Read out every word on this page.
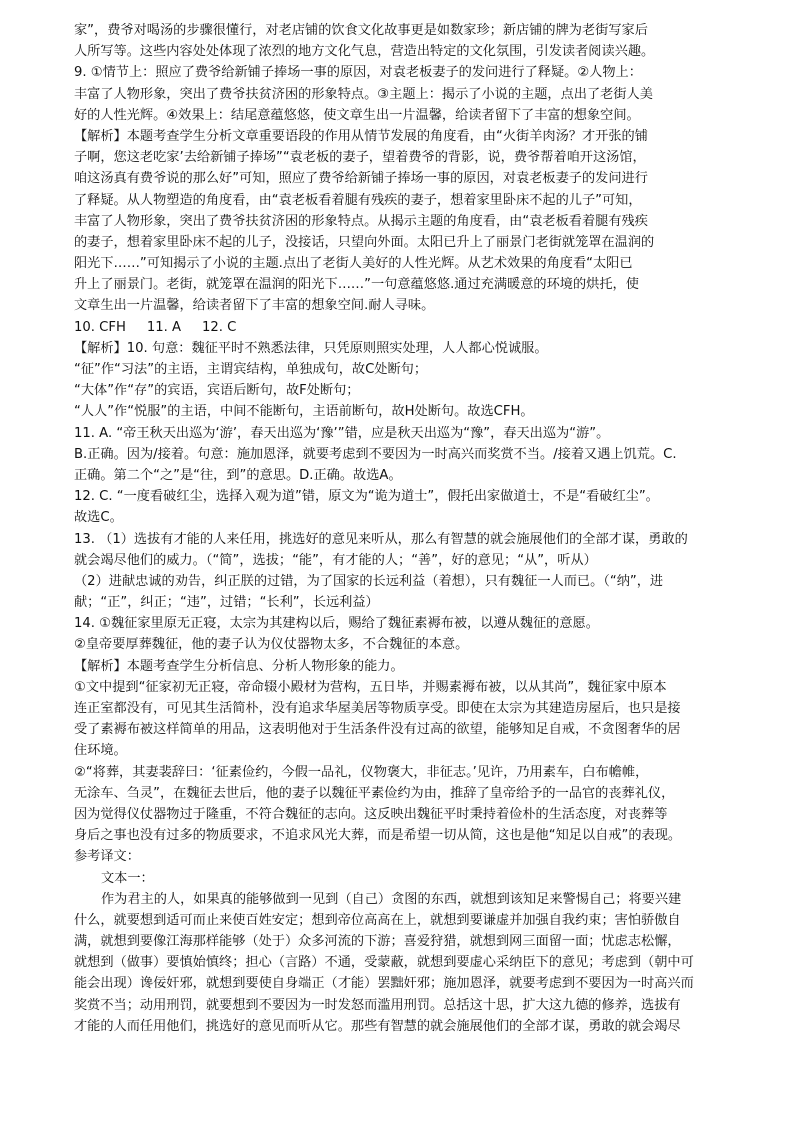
家”，费爷对喝汤的步骤很懂行，对老店铺的饮食文化故事更是如数家珍；新店铺的牌为老街写家后
人所写等。这些内容处处体现了浓烈的地方文化气息，营造出特定的文化氛围，引发读者阅读兴趣。
9. ①情节上：照应了费爷给新铺子捧场一事的原因，对袁老板妻子的发问进行了释疑。②人物上：
丰富了人物形象，突出了费爷扶贫济困的形象特点。③主题上：揭示了小说的主题，点出了老街人美
好的人性光辉。④效果上：结尾意蕴悠悠，使文章生出一片温馨，给读者留下了丰富的想象空间。
【解析】本题考查学生分析文章重要语段的作用从情节发展的角度看，由“火街羊肉汤？才开张的铺
子啊，您这老吃家’去给新铺子捧场”“袁老板的妻子，望着费爷的背影，说，费爷帮着咱开这汤馆，
咱这汤真有费爷说的那么好”可知，照应了费爷给新铺子捧场一事的原因，对袁老板妻子的发问进行
了释疑。从人物塑造的角度看，由“袁老板看着腿有残疾的妻子，想着家里卧床不起的儿子”可知，
丰富了人物形象，突出了费爷扶贫济困的形象特点。从揭示主题的角度看，由“袁老板看着腿有残疾
的妻子，想着家里卧床不起的儿子，没接话，只望向外面。太阳已升上了丽景门老街就笼罩在温润的
阳光下……”可知揭示了小说的主题.点出了老街人美好的人性光辉。从艺术效果的角度看“太阳已
升上了丽景门。老街，就笼罩在温润的阳光下……”一句意蕴悠悠.通过充满暖意的环境的烘托，使
文章生出一片温馨，给读者留下了丰富的想象空间.耐人寻味。
10. CFH     11. A     12. C
【解析】10. 句意：魏征平时不熟悉法律，只凭原则照实处理，人人都心悦诚服。
“征”作“习法”的主语，主谓宾结构，单独成句，故C处断句；
“大体”作“存”的宾语，宾语后断句，故F处断句；
“人人”作“悦服”的主语，中间不能断句，主语前断句，故H处断句。故选CFH。
11. A. “帝王秋天出巡为‘游’，春天出巡为‘豫’”错，应是秋天出巡为“豫”，春天出巡为“游”。
B.正确。因为/接着。句意：施加恩泽，就要考虑到不要因为一时高兴而奖赏不当。/接着又遇上饥荒。C.
正确。第二个“之”是“往，到”的意思。D.正确。故选A。
12. C. “一度看破红尘，选择入观为道”错，原文为“诡为道士”，假托出家做道士，不是“看破红尘”。
故选C。
13. （1）选拔有才能的人来任用，挑选好的意见来听从，那么有智慧的就会施展他们的全部才谋，勇敢的
就会竭尽他们的威力。（“简”，选拔；“能”，有才能的人；“善”，好的意见；“从”，听从）
（2）进献忠诚的劝告，纠正朕的过错，为了国家的长远利益（着想），只有魏征一人而已。（“纳”，进
献；“正”，纠正；“违”，过错；“长利”，长远利益）
14. ①魏征家里原无正寝，太宗为其建构以后，赐给了魏征素褥布被，以遵从魏征的意愿。
②皇帝要厚葬魏征，他的妻子认为仪仗器物太多，不合魏征的本意。
【解析】本题考查学生分析信息、分析人物形象的能力。
①文中提到“征家初无正寝，帝命辍小殿材为营构，五日毕，并赐素褥布被，以从其尚”，魏征家中原本
连正室都没有，可见其生活简朴，没有追求华屋美居等物质享受。即使在太宗为其建造房屋后，也只是接
受了素褥布被这样简单的用品，这表明他对于生活条件没有过高的欲望，能够知足自戒，不贪图奢华的居
住环境。
②“将葬，其妻裴辞曰：‘征素俭约，今假一品礼，仪物褒大，非征志。’见许，乃用素车，白布幨帷，
无涂车、刍灵”，在魏征去世后，他的妻子以魏征平素俭约为由，推辞了皇帝给予的一品官的丧葬礼仪，
因为觉得仪仗器物过于隆重，不符合魏征的志向。这反映出魏征平时秉持着俭朴的生活态度，对丧葬等
身后之事也没有过多的物质要求，不追求风光大葬，而是希望一切从简，这也是他“知足以自戒”的表现。
参考译文：
文本一：
作为君主的人，如果真的能够做到一见到（自己）贪图的东西，就想到该知足来警惕自己；将要兴建
什么，就要想到适可而止来使百姓安定；想到帝位高高在上，就想到要谦虚并加强自我约束；害怕骄傲自
满，就想到要像江海那样能够（处于）众多河流的下游；喜爱狩猎，就想到网三面留一面；忧虑志松懈，
就想到（做事）要慎始慎终；担心（言路）不通，受蒙蔽，就想到要虚心采纳臣下的意见；考虑到（朝中可
能会出现）谗佞奸邪，就想到要使自身端正（才能）罢黜奸邪；施加恩泽，就要考虑到不要因为一时高兴而
奖赏不当；动用刑罚，就要想到不要因为一时发怒而滥用刑罚。总括这十思，扩大这九德的修养，选拔有
才能的人而任用他们，挑选好的意见而听从它。那些有智慧的就会施展他们的全部才谋，勇敢的就会竭尽
